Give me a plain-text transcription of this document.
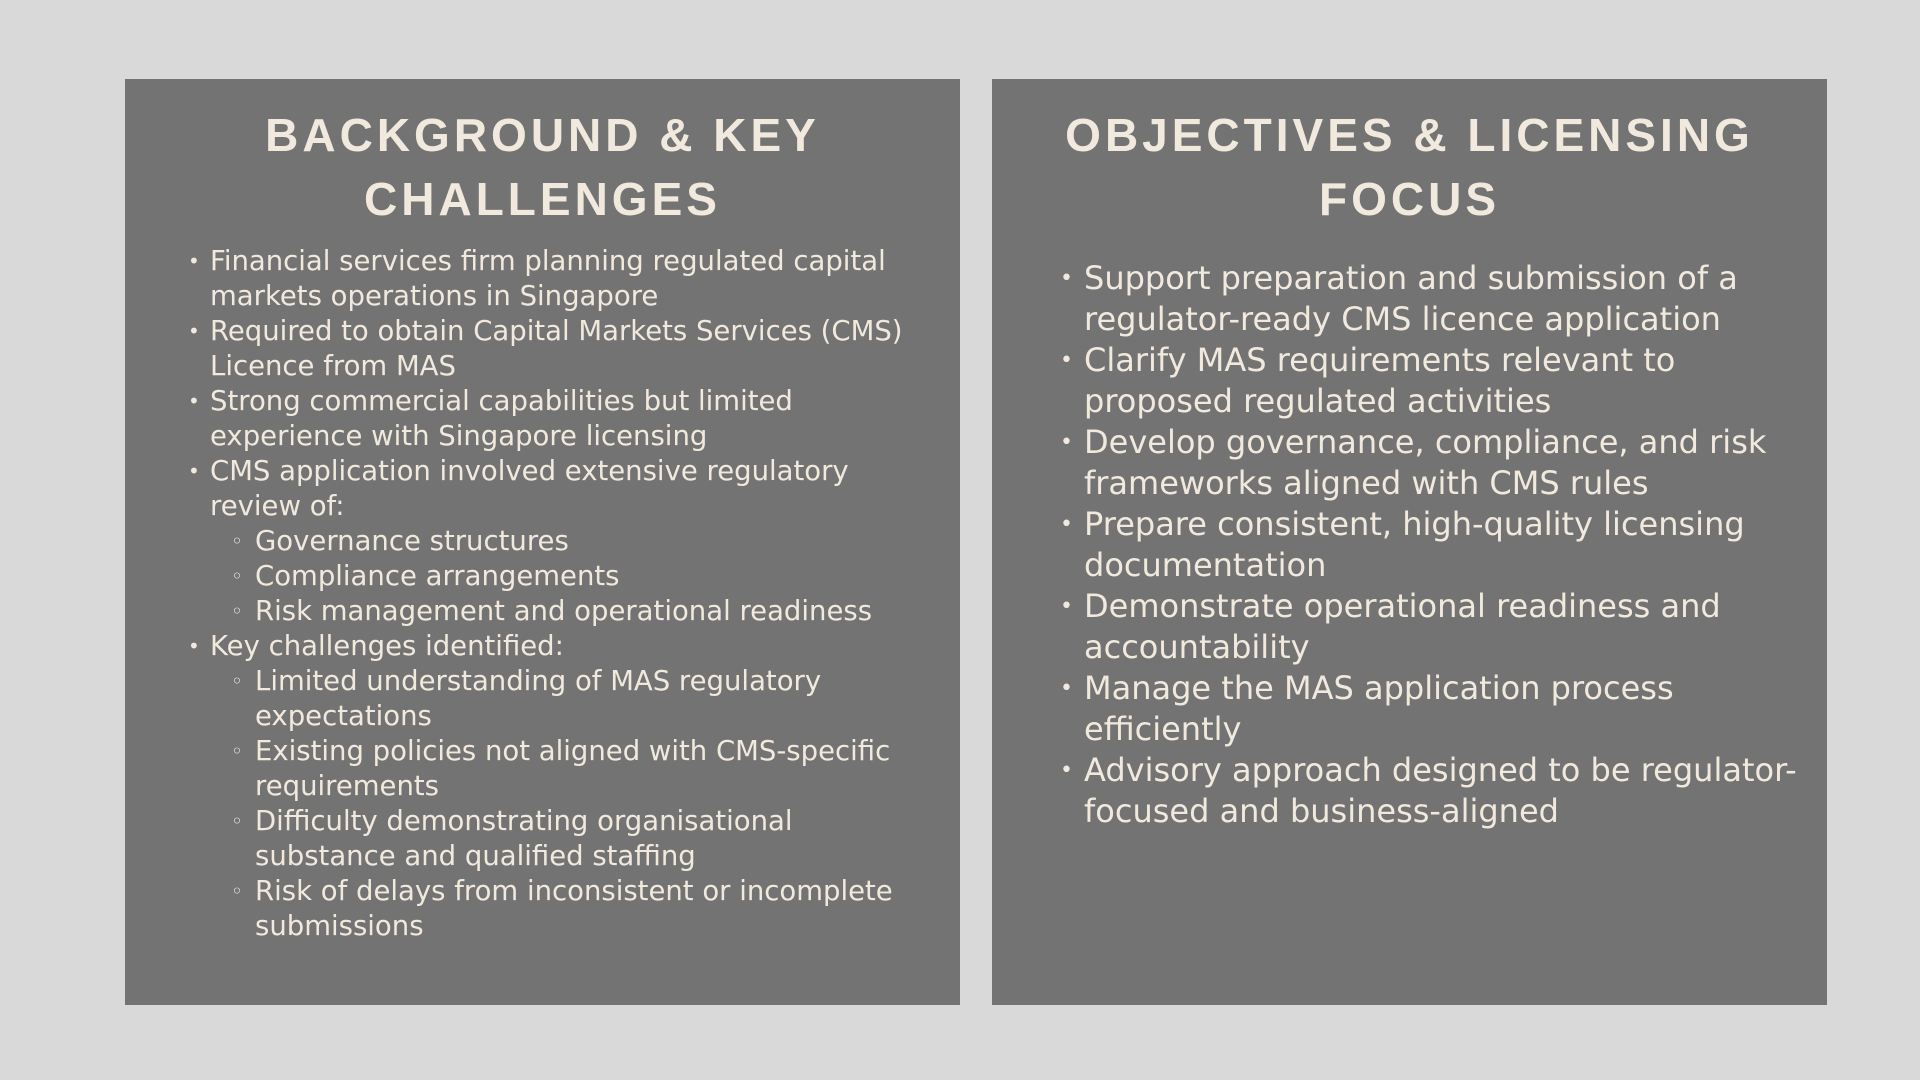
BACKGROUND & KEY
CHALLENGES
• Financial services firm planning regulated capital markets operations in Singapore
• Required to obtain Capital Markets Services (CMS) Licence from MAS
• Strong commercial capabilities but limited experience with Singapore licensing
• CMS application involved extensive regulatory review of:
◦ Governance structures
◦ Compliance arrangements
◦ Risk management and operational readiness
• Key challenges identified:
◦ Limited understanding of MAS regulatory expectations
◦ Existing policies not aligned with CMS-specific requirements
◦ Difficulty demonstrating organisational substance and qualified staffing
◦ Risk of delays from inconsistent or incomplete submissions
OBJECTIVES & LICENSING
FOCUS
• Support preparation and submission of a regulator-ready CMS licence application
• Clarify MAS requirements relevant to proposed regulated activities
• Develop governance, compliance, and risk frameworks aligned with CMS rules
• Prepare consistent, high-quality licensing documentation
• Demonstrate operational readiness and accountability
• Manage the MAS application process efficiently
• Advisory approach designed to be regulator-focused and business-aligned
